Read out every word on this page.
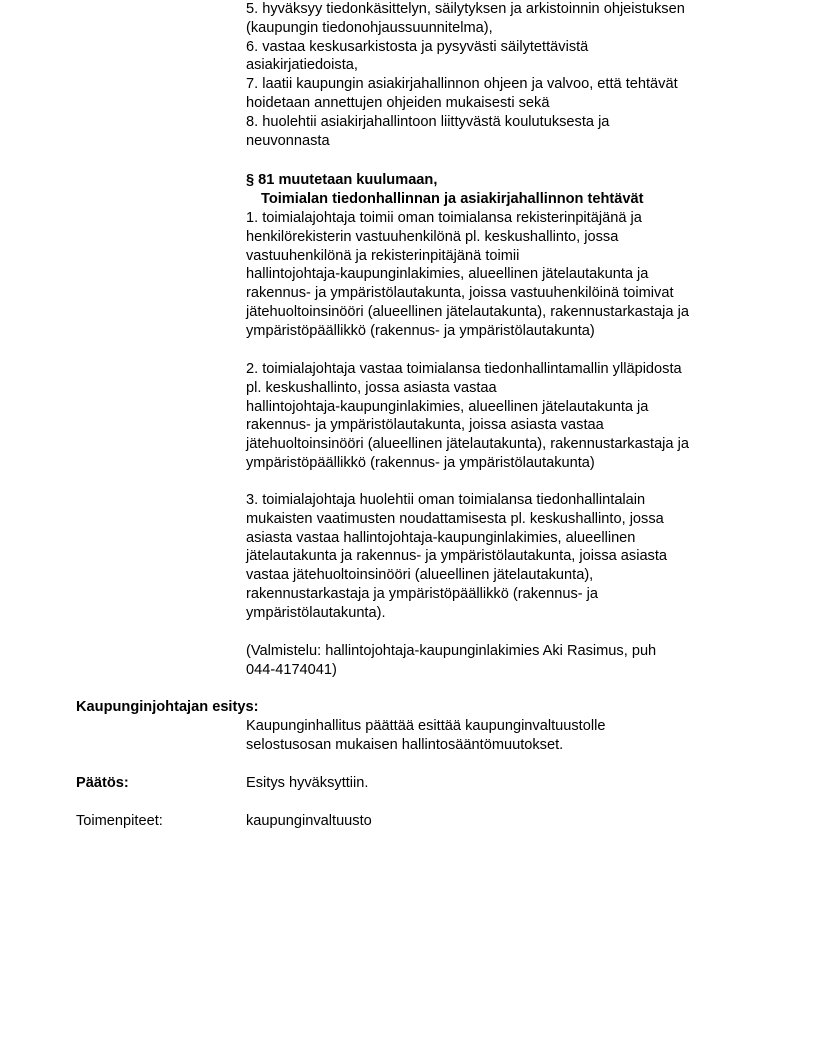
5. hyväksyy tiedonkäsittelyn, säilytyksen ja arkistoinnin ohjeistuksen
(kaupungin tiedonohjaussuunnitelma),
6. vastaa keskusarkistosta ja pysyvästi säilytettävistä
asiakirjatiedoista,
7. laatii kaupungin asiakirjahallinnon ohjeen ja valvoo, että tehtävät
hoidetaan annettujen ohjeiden mukaisesti sekä
8. huolehtii asiakirjahallintoon liittyvästä koulutuksesta ja
neuvonnasta
§ 81 muutetaan kuulumaan,
Toimialan tiedonhallinnan ja asiakirjahallinnon tehtävät
1. toimialajohtaja toimii oman toimialansa rekisterinpitäjänä ja
henkilörekisterin vastuuhenkilönä pl. keskushallinto, jossa
vastuuhenkilönä ja rekisterinpitäjänä toimii
hallintojohtaja-kaupunginlakimies, alueellinen jätelautakunta ja
rakennus- ja ympäristölautakunta, joissa vastuuhenkilöinä toimivat
jätehuoltoinsinööri (alueellinen jätelautakunta), rakennustarkastaja ja
ympäristöpäällikkö (rakennus- ja ympäristölautakunta)
2. toimialajohtaja vastaa toimialansa tiedonhallintamallin ylläpidosta
pl. keskushallinto, jossa asiasta vastaa
hallintojohtaja-kaupunginlakimies, alueellinen jätelautakunta ja
rakennus- ja ympäristölautakunta, joissa asiasta vastaa
jätehuoltoinsinööri (alueellinen jätelautakunta), rakennustarkastaja ja
ympäristöpäällikkö (rakennus- ja ympäristölautakunta)
3. toimialajohtaja huolehtii oman toimialansa tiedonhallintalain
mukaisten vaatimusten noudattamisesta pl. keskushallinto, jossa
asiasta vastaa hallintojohtaja-kaupunginlakimies, alueellinen
jätelautakunta ja rakennus- ja ympäristölautakunta, joissa asiasta
vastaa jätehuoltoinsinööri (alueellinen jätelautakunta),
rakennustarkastaja ja ympäristöpäällikkö (rakennus- ja
ympäristölautakunta).
(Valmistelu: hallintojohtaja-kaupunginlakimies Aki Rasimus, puh
044-4174041)
Kaupunginjohtajan esitys:
Kaupunginhallitus päättää esittää kaupunginvaltuustolle
selostusosan mukaisen hallintosääntömuutokset.
Päätös:	Esitys hyväksyttiin.
Toimenpiteet:	kaupunginvaltuusto
